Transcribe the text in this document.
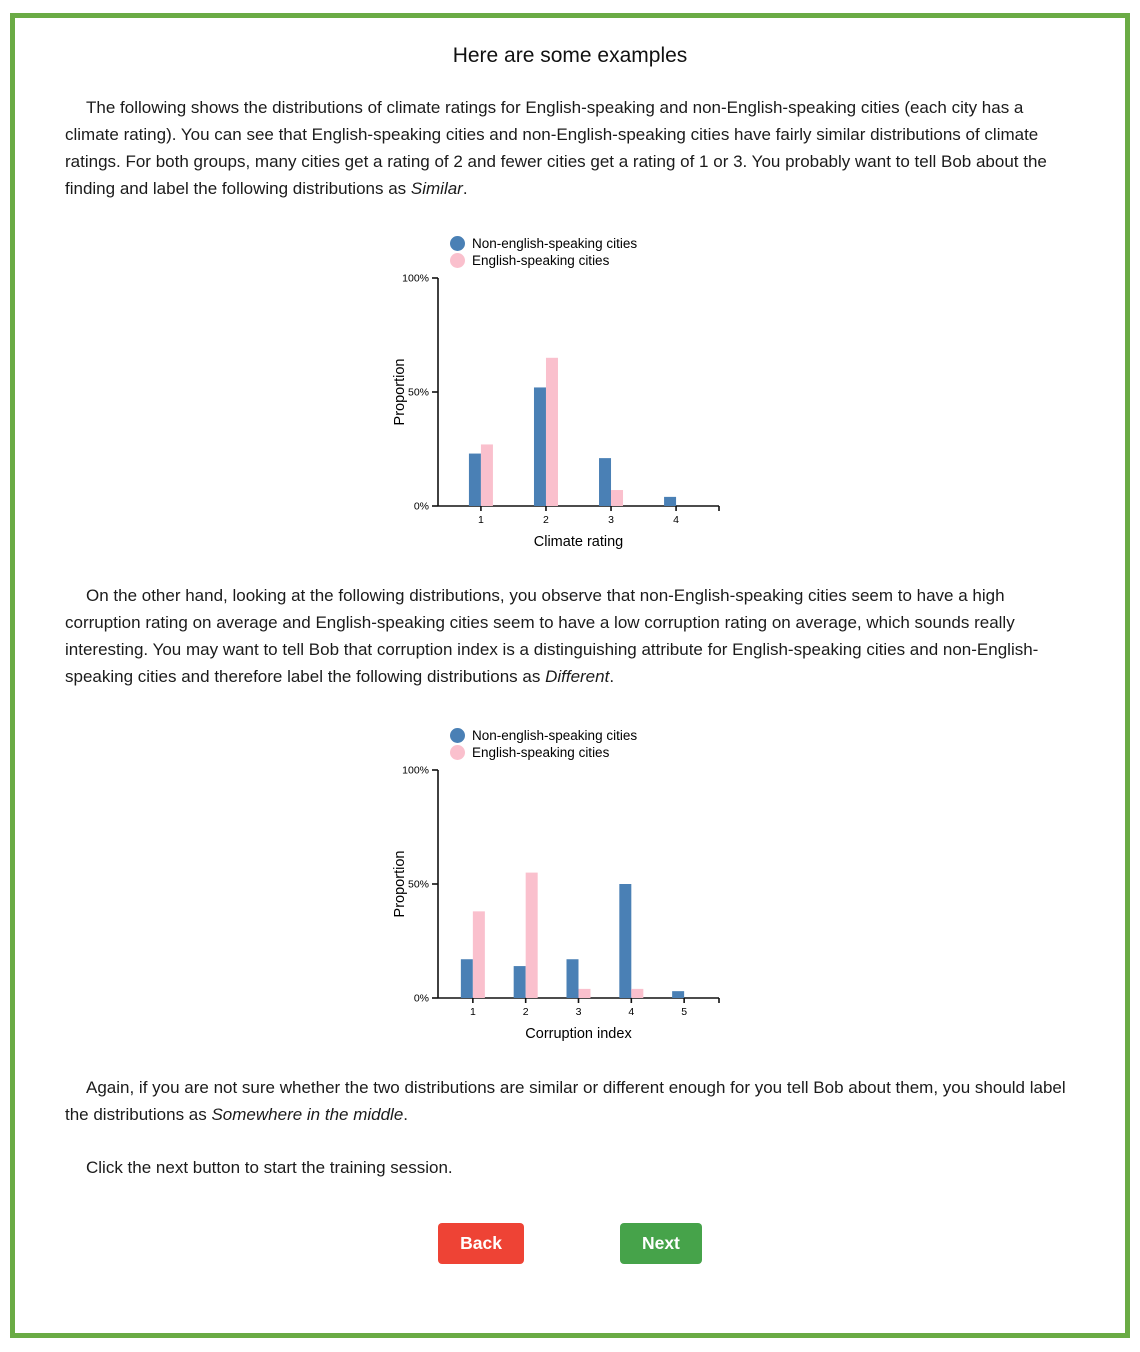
Here are some examples

The following shows the distributions of climate ratings for English-speaking and non-English-speaking cities (each city has a climate rating). You can see that English-speaking cities and non-English-speaking cities have fairly similar distributions of climate ratings. For both groups, many cities get a rating of 2 and fewer cities get a rating of 1 or 3. You probably want to tell Bob about the finding and label the following distributions as Similar.

Non-english-speaking cities
English-speaking cities
0%
50%
100%
1	2	3	4
Climate rating
Proportion

On the other hand, looking at the following distributions, you observe that non-English-speaking cities seem to have a high corruption rating on average and English-speaking cities seem to have a low corruption rating on average, which sounds really interesting. You may want to tell Bob that corruption index is a distinguishing attribute for English-speaking cities and non-English-speaking cities and therefore label the following distributions as Different.

Non-english-speaking cities
English-speaking cities
0%
50%
100%
1	2	3	4	5
Corruption index
Proportion

Again, if you are not sure whether the two distributions are similar or different enough for you tell Bob about them, you should label the distributions as Somewhere in the middle.

Click the next button to start the training session.

Back	Next
